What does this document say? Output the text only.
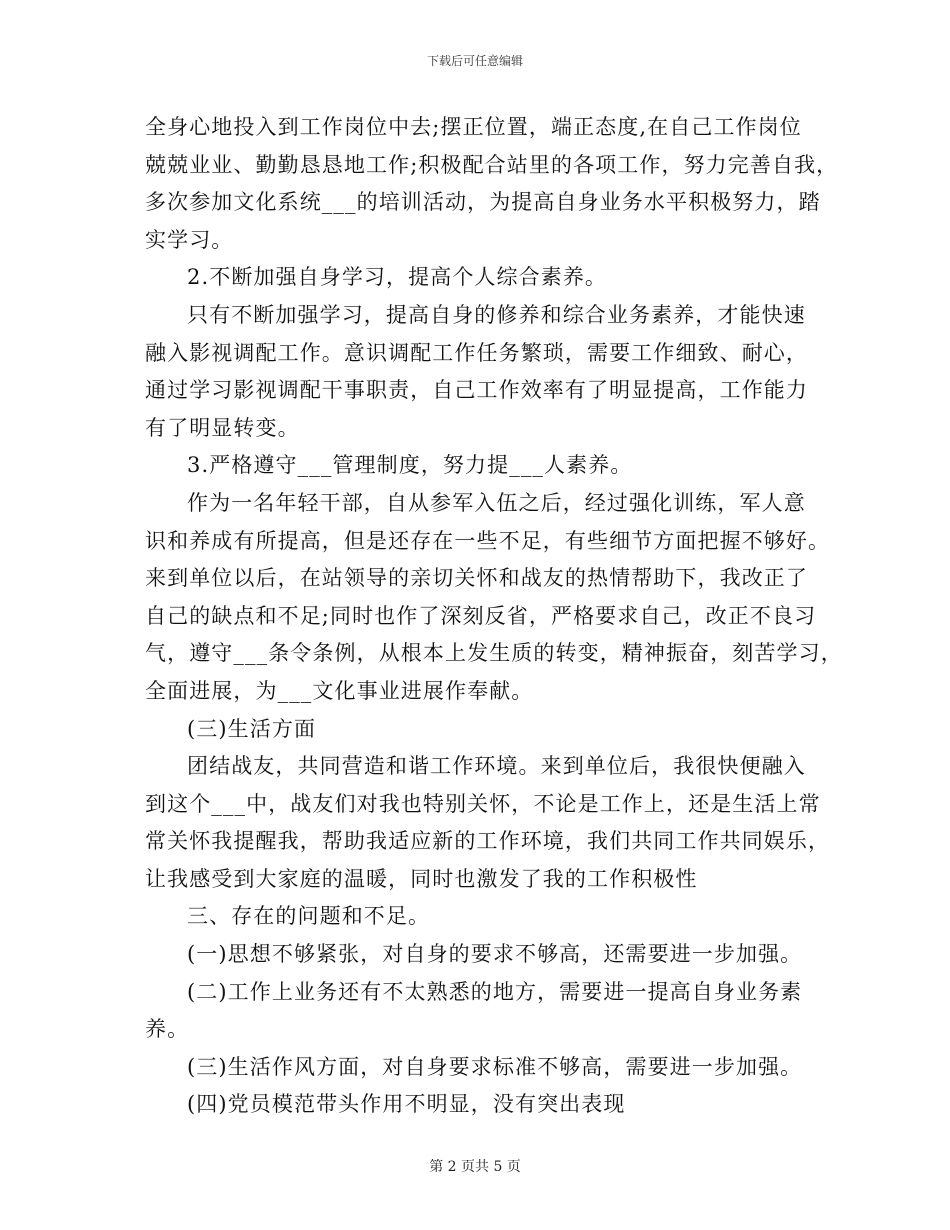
下载后可任意编辑
全身心地投入到工作岗位中去;摆正位置，端正态度,在自己工作岗位
兢兢业业、勤勤恳恳地工作;积极配合站里的各项工作，努力完善自我，
多次参加文化系统___的培训活动，为提高自身业务水平积极努力，踏
实学习。
2.不断加强自身学习，提高个人综合素养。
只有不断加强学习，提高自身的修养和综合业务素养，才能快速
融入影视调配工作。意识调配工作任务繁琐，需要工作细致、耐心，
通过学习影视调配干事职责，自己工作效率有了明显提高，工作能力
有了明显转变。
3.严格遵守___管理制度，努力提___人素养。
作为一名年轻干部，自从参军入伍之后，经过强化训练，军人意
识和养成有所提高，但是还存在一些不足，有些细节方面把握不够好。
来到单位以后，在站领导的亲切关怀和战友的热情帮助下，我改正了
自己的缺点和不足;同时也作了深刻反省，严格要求自己，改正不良习
气，遵守___条令条例，从根本上发生质的转变，精神振奋，刻苦学习，
全面进展，为___文化事业进展作奉献。
(三)生活方面
团结战友，共同营造和谐工作环境。来到单位后，我很快便融入
到这个___中，战友们对我也特别关怀，不论是工作上，还是生活上常
常关怀我提醒我，帮助我适应新的工作环境，我们共同工作共同娱乐，
让我感受到大家庭的温暖，同时也激发了我的工作积极性
三、存在的问题和不足。
(一)思想不够紧张，对自身的要求不够高，还需要进一步加强。
(二)工作上业务还有不太熟悉的地方，需要进一提高自身业务素
养。
(三)生活作风方面，对自身要求标准不够高，需要进一步加强。
(四)党员模范带头作用不明显，没有突出表现
第 2 页共 5 页
